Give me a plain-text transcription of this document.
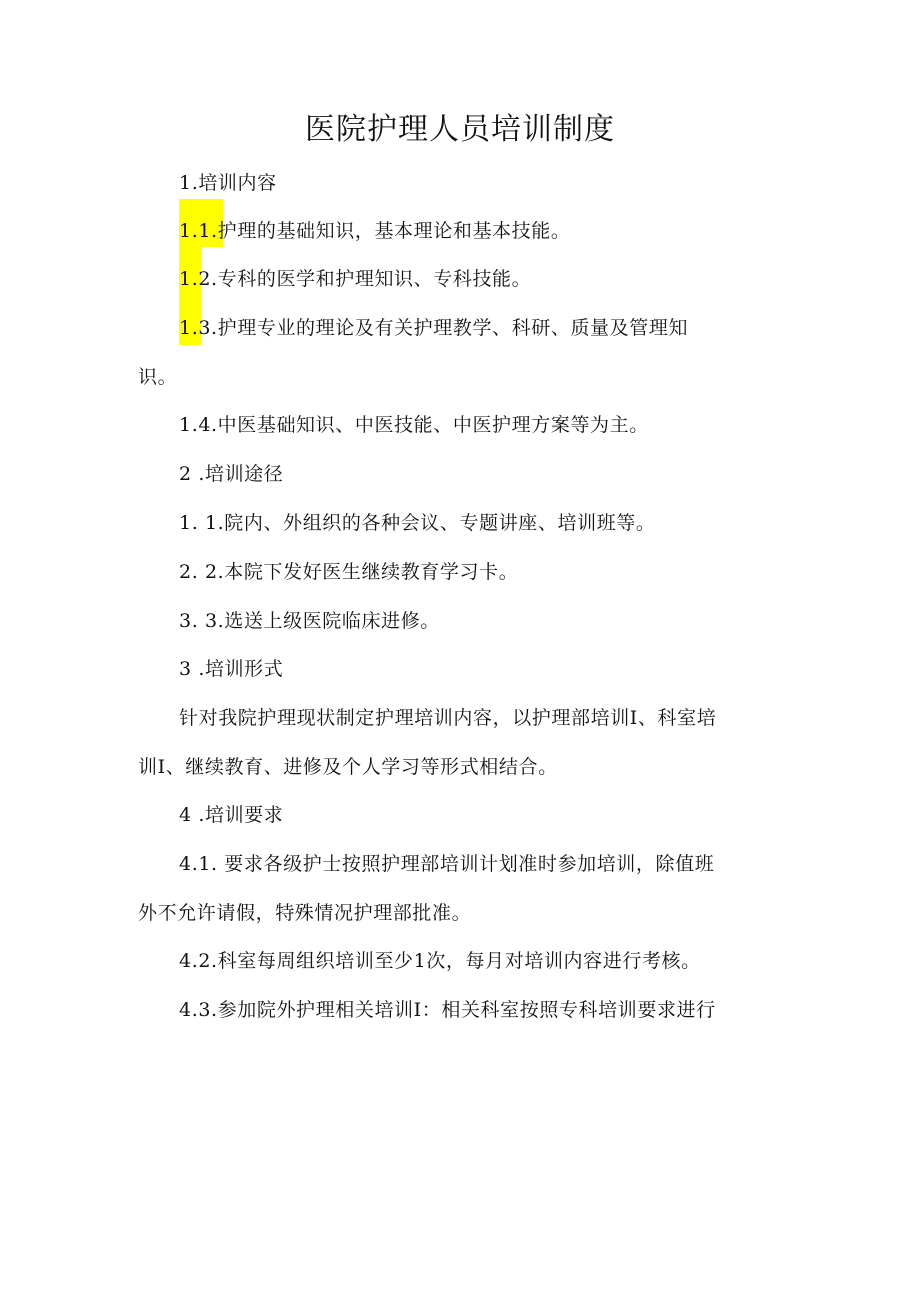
医院护理人员培训制度
1.培训内容
1.1.护理的基础知识，基本理论和基本技能。
1.2.专科的医学和护理知识、专科技能。
1.3.护理专业的理论及有关护理教学、科研、质量及管理知
识。
1.4.中医基础知识、中医技能、中医护理方案等为主。
2 .培训途径
1. 1.院内、外组织的各种会议、专题讲座、培训班等。
2. 2.本院下发好医生继续教育学习卡。
3. 3.选送上级医院临床进修。
3 .培训形式
针对我院护理现状制定护理培训内容，以护理部培训I、科室培
训I、继续教育、进修及个人学习等形式相结合。
4 .培训要求
4.1. 要求各级护士按照护理部培训计划准时参加培训，除值班
外不允许请假，特殊情况护理部批准。
4.2.科室每周组织培训至少1次，每月对培训内容进行考核。
4.3.参加院外护理相关培训I：相关科室按照专科培训要求进行
